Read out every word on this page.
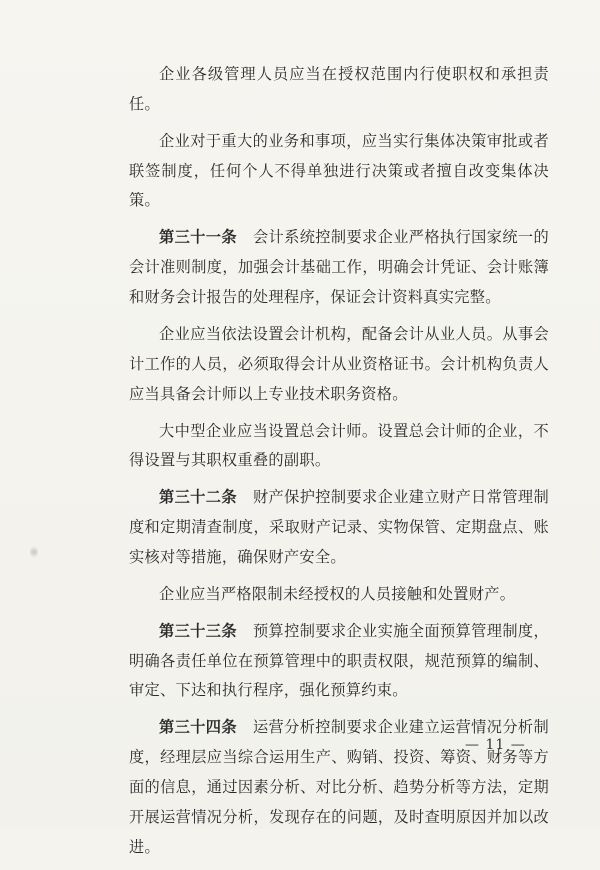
企业各级管理人员应当在授权范围内行使职权和承担责任。

企业对于重大的业务和事项，应当实行集体决策审批或者联签制度，任何个人不得单独进行决策或者擅自改变集体决策。

第三十一条 会计系统控制要求企业严格执行国家统一的会计准则制度，加强会计基础工作，明确会计凭证、会计账簿和财务会计报告的处理程序，保证会计资料真实完整。

企业应当依法设置会计机构，配备会计从业人员。从事会计工作的人员，必须取得会计从业资格证书。会计机构负责人应当具备会计师以上专业技术职务资格。

大中型企业应当设置总会计师。设置总会计师的企业，不得设置与其职权重叠的副职。

第三十二条 财产保护控制要求企业建立财产日常管理制度和定期清查制度，采取财产记录、实物保管、定期盘点、账实核对等措施，确保财产安全。

企业应当严格限制未经授权的人员接触和处置财产。

第三十三条 预算控制要求企业实施全面预算管理制度，明确各责任单位在预算管理中的职责权限，规范预算的编制、审定、下达和执行程序，强化预算约束。

第三十四条 运营分析控制要求企业建立运营情况分析制度，经理层应当综合运用生产、购销、投资、筹资、财务等方面的信息，通过因素分析、对比分析、趋势分析等方法，定期开展运营情况分析，发现存在的问题，及时查明原因并加以改进。

— 11 —
